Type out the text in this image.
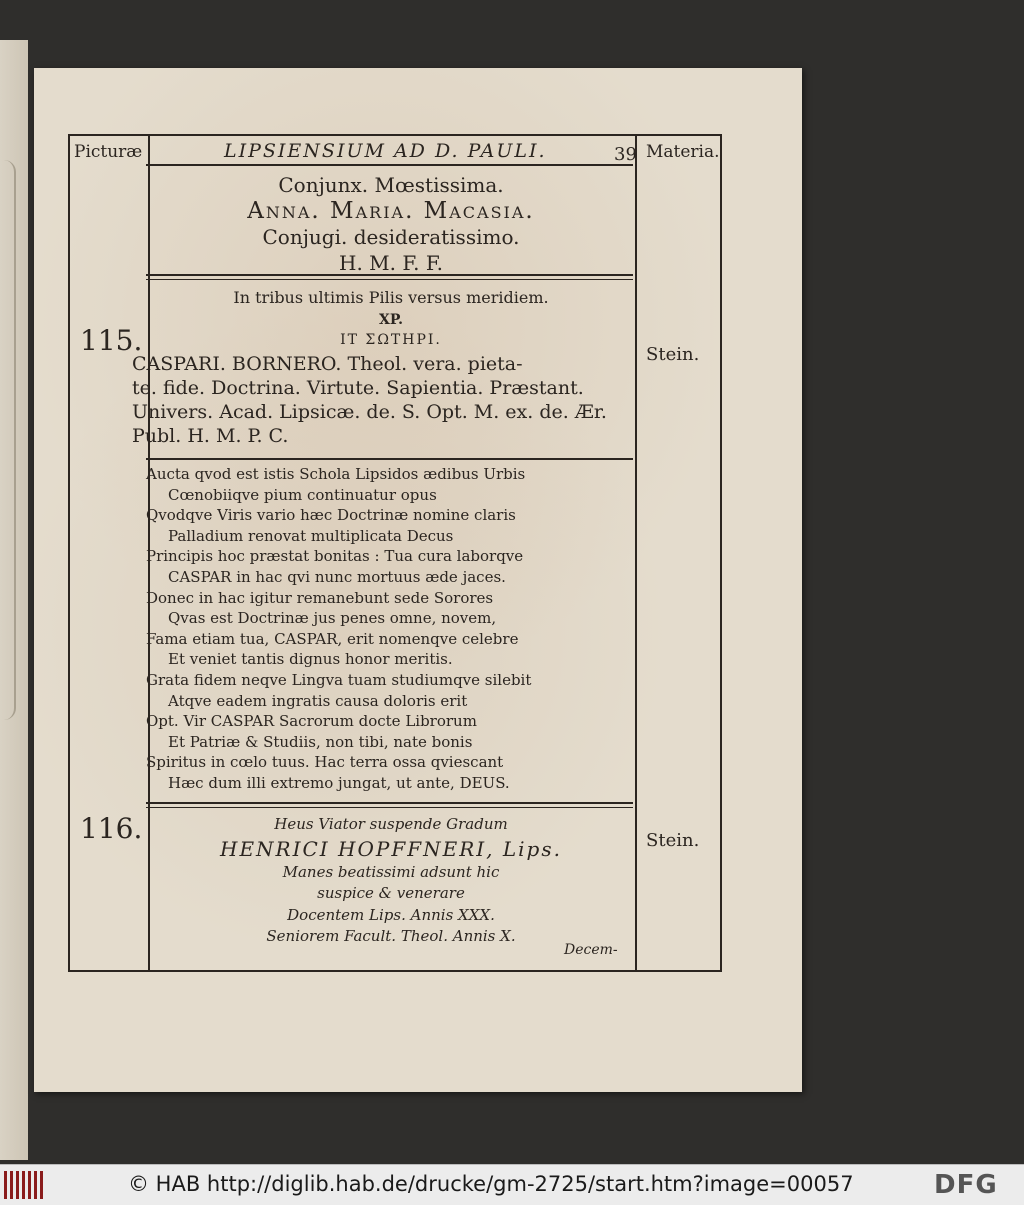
Picturæ	LIPSIENSIUM AD D. PAULI.	39 Materia.
Conjunx. Mœstissima.
Anna. Maria. Macasia.
Conjugi. desideratissimo.
H. M. F. F.
115.	Stein.
In tribus ultimis Pilis versus meridiem.
XP.
IT ΣΩTHPI.
CASPARI. BORNERO. Theol. vera. pieta-
te. fide. Doctrina. Virtute. Sapientia. Præstant.
Univers. Acad. Lipsicæ. de. S. Opt. M. ex. de. Ær.
Publ. H. M. P. C.
Aucta qvod est istis Schola Lipsidos ædibus Urbis
Cœnobiiqve pium continuatur opus
Qvodqve Viris vario hæc Doctrinæ nomine claris
Palladium renovat multiplicata Decus
Principis hoc præstat bonitas : Tua cura laborqve
CASPAR in hac qvi nunc mortuus æde jaces.
Donec in hac igitur remanebunt sede Sorores
Qvas est Doctrinæ jus penes omne, novem,
Fama etiam tua, CASPAR, erit nomenqve celebre
Et veniet tantis dignus honor meritis.
Grata fidem neqve Lingva tuam studiumqve silebit
Atqve eadem ingratis causa doloris erit
Opt. Vir CASPAR Sacrorum docte Librorum
Et Patriæ & Studiis, non tibi, nate bonis
Spiritus in cœlo tuus. Hac terra ossa qviescant
Hæc dum illi extremo jungat, ut ante, DEUS.
116.	Stein.
Heus Viator suspende Gradum
HENRICI HOPFFNERI, Lips.
Manes beatissimi adsunt hic
suspice & venerare
Docentem Lips. Annis XXX.
Seniorem Facult. Theol. Annis X.
Decem-
© HAB http://diglib.hab.de/drucke/gm-2725/start.htm?image=00057	DFG
